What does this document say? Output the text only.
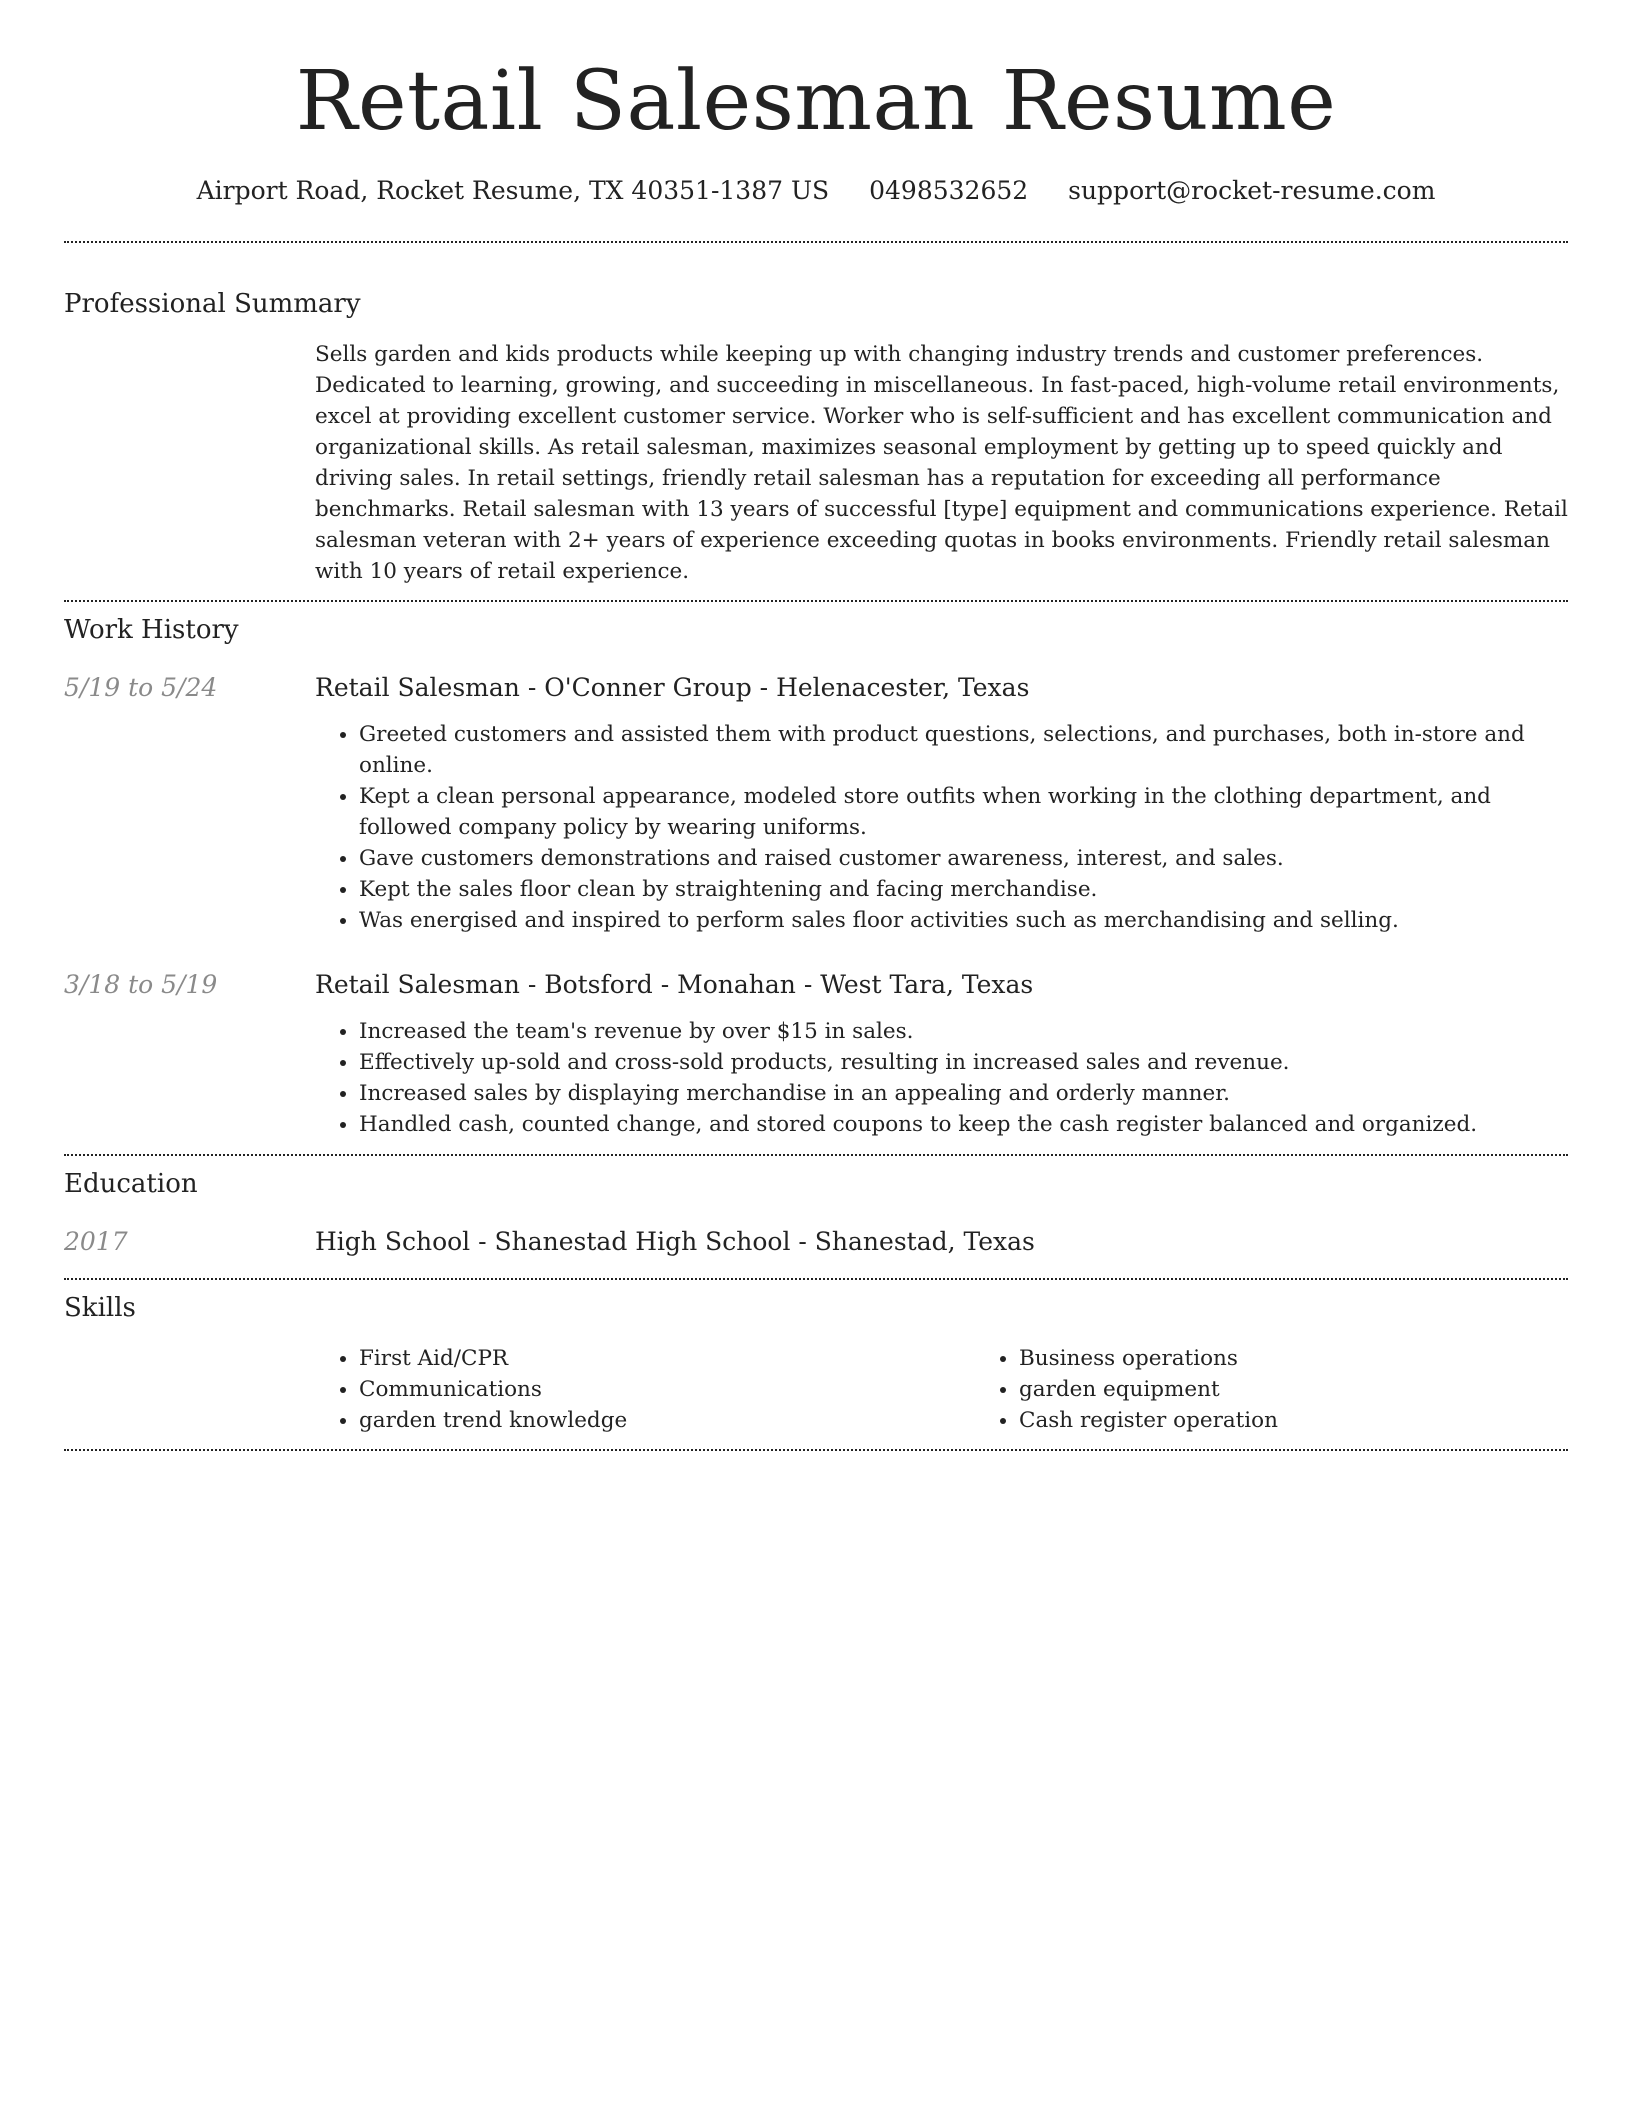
Retail Salesman Resume
Airport Road, Rocket Resume, TX 40351-1387 US 0498532652 support@rocket-resume.com
Professional Summary

Sells garden and kids products while keeping up with changing industry trends and customer preferences. Dedicated to learning, growing, and succeeding in miscellaneous. In fast-paced, high-volume retail environments, excel at providing excellent customer service. Worker who is self-sufficient and has excellent communication and organizational skills. As retail salesman, maximizes seasonal employment by getting up to speed quickly and driving sales. In retail settings, friendly retail salesman has a reputation for exceeding all performance benchmarks. Retail salesman with 13 years of successful [type] equipment and communications experience. Retail salesman veteran with 2+ years of experience exceeding quotas in books environments. Friendly retail salesman with 10 years of retail experience.

Work History
5/19 to 5/24	Retail Salesman - O'Conner Group - Helenacester, Texas
• Greeted customers and assisted them with product questions, selections, and purchases, both in-store and online.
• Kept a clean personal appearance, modeled store outfits when working in the clothing department, and followed company policy by wearing uniforms.
• Gave customers demonstrations and raised customer awareness, interest, and sales.
• Kept the sales floor clean by straightening and facing merchandise.
• Was energised and inspired to perform sales floor activities such as merchandising and selling.
3/18 to 5/19	Retail Salesman - Botsford - Monahan - West Tara, Texas
• Increased the team's revenue by over $15 in sales.
• Effectively up-sold and cross-sold products, resulting in increased sales and revenue.
• Increased sales by displaying merchandise in an appealing and orderly manner.
• Handled cash, counted change, and stored coupons to keep the cash register balanced and organized.
Education
2017	High School - Shanestad High School - Shanestad, Texas
Skills
• First Aid/CPR
• Communications
• garden trend knowledge
• Business operations
• garden equipment
• Cash register operation
